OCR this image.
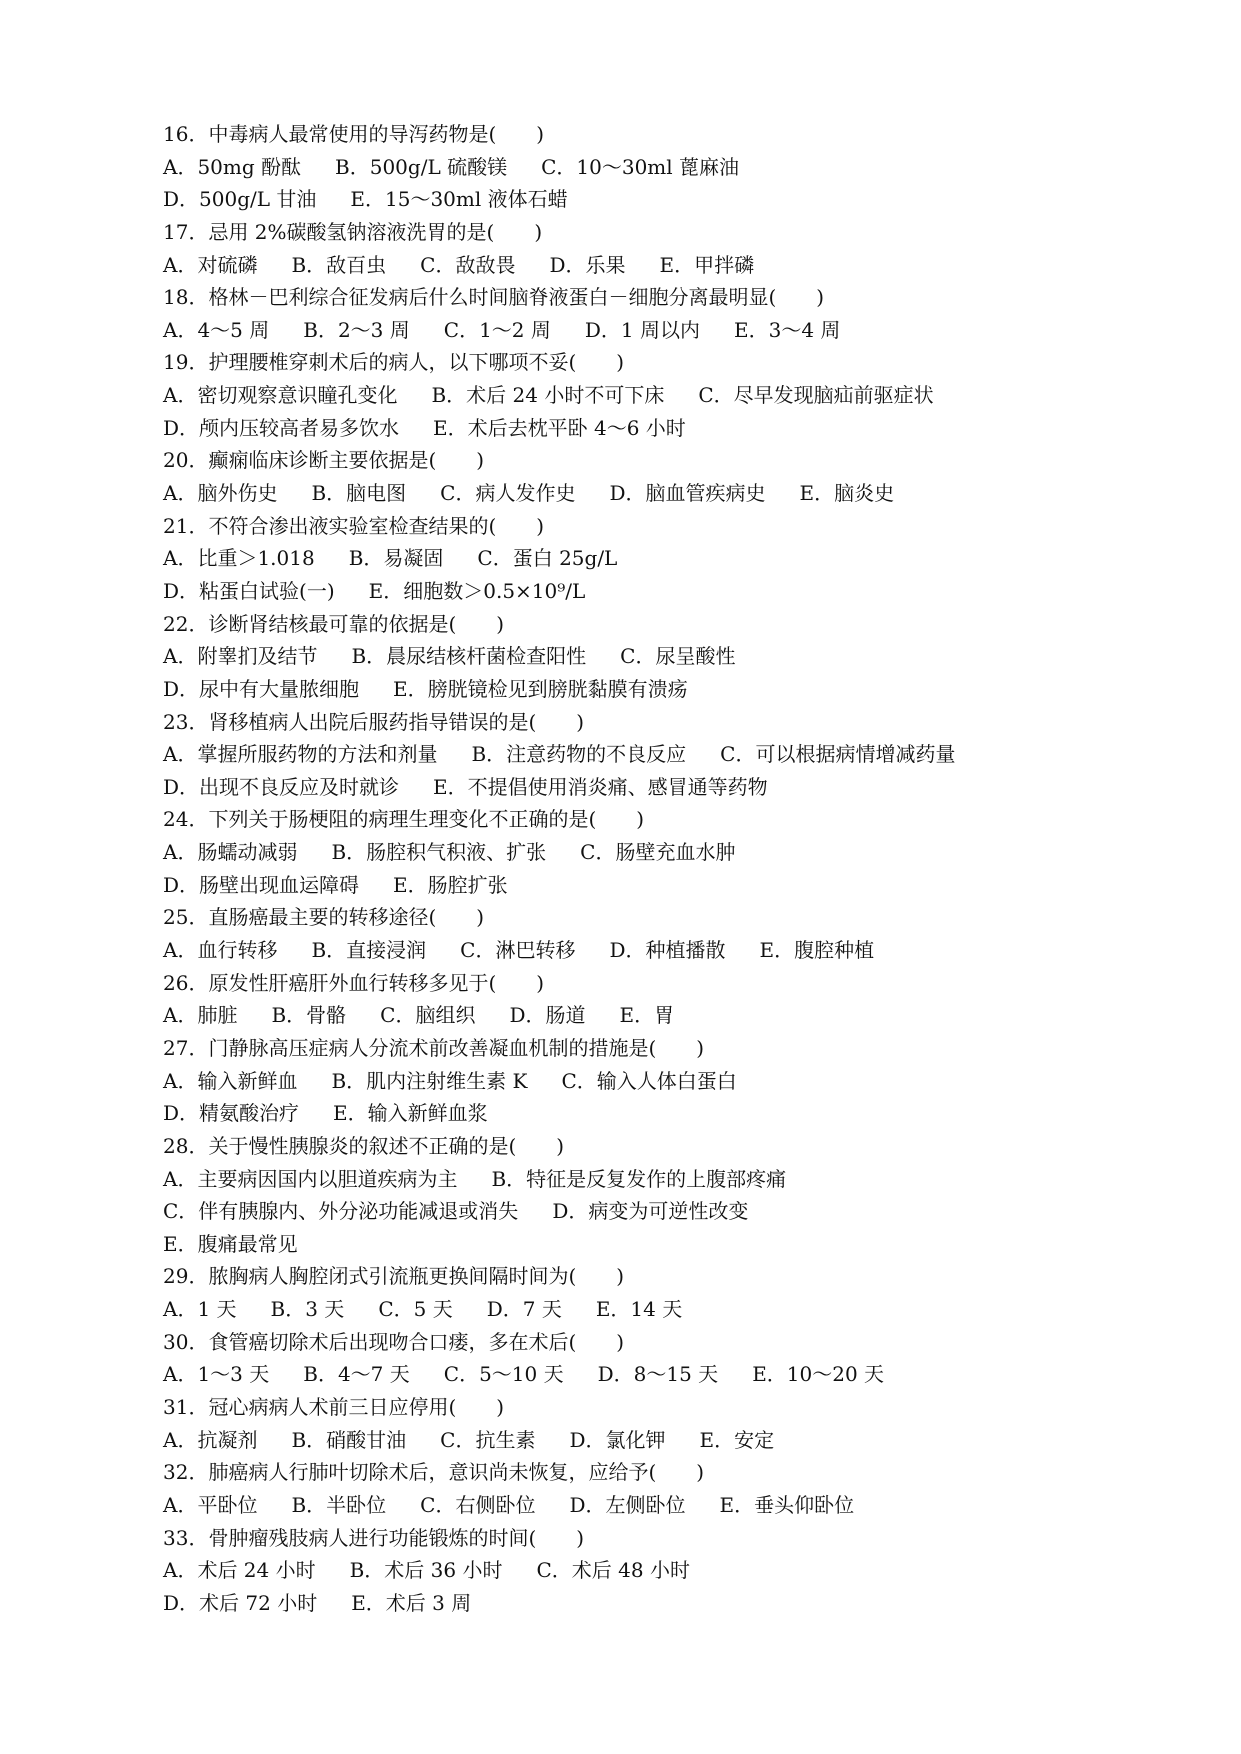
16．中毒病人最常使用的导泻药物是(　　)
A．50mg 酚酞 B．500g/L 硫酸镁 C．10～30ml 蓖麻油
D．500g/L 甘油 E．15～30ml 液体石蜡
17．忌用 2%碳酸氢钠溶液洗胃的是(　　)
A．对硫磷 B．敌百虫 C．敌敌畏 D．乐果 E．甲拌磷
18．格林－巴利综合征发病后什么时间脑脊液蛋白－细胞分离最明显(　　)
A．4～5 周 B．2～3 周 C．1～2 周 D．1 周以内 E．3～4 周
19．护理腰椎穿刺术后的病人，以下哪项不妥(　　)
A．密切观察意识瞳孔变化 B．术后 24 小时不可下床 C．尽早发现脑疝前驱症状
D．颅内压较高者易多饮水 E．术后去枕平卧 4～6 小时
20．癫痫临床诊断主要依据是(　　)
A．脑外伤史 B．脑电图 C．病人发作史 D．脑血管疾病史 E．脑炎史
21．不符合渗出液实验室检查结果的(　　)
A．比重＞1.018 B．易凝固 C．蛋白 25g/L
D．粘蛋白试验(一) E．细胞数＞0.5×10⁹/L
22．诊断肾结核最可靠的依据是(　　)
A．附睾扪及结节 B．晨尿结核杆菌检查阳性 C．尿呈酸性
D．尿中有大量脓细胞 E．膀胱镜检见到膀胱黏膜有溃疡
23．肾移植病人出院后服药指导错误的是(　　)
A．掌握所服药物的方法和剂量 B．注意药物的不良反应 C．可以根据病情增减药量
D．出现不良反应及时就诊 E．不提倡使用消炎痛、感冒通等药物
24．下列关于肠梗阻的病理生理变化不正确的是(　　)
A．肠蠕动减弱 B．肠腔积气积液、扩张 C．肠壁充血水肿
D．肠壁出现血运障碍 E．肠腔扩张
25．直肠癌最主要的转移途径(　　)
A．血行转移 B．直接浸润 C．淋巴转移 D．种植播散 E．腹腔种植
26．原发性肝癌肝外血行转移多见于(　　)
A．肺脏 B．骨骼 C．脑组织 D．肠道 E．胃
27．门静脉高压症病人分流术前改善凝血机制的措施是(　　)
A．输入新鲜血 B．肌内注射维生素 K C．输入人体白蛋白
D．精氨酸治疗 E．输入新鲜血浆
28．关于慢性胰腺炎的叙述不正确的是(　　)
A．主要病因国内以胆道疾病为主 B．特征是反复发作的上腹部疼痛
C．伴有胰腺内、外分泌功能减退或消失 D．病变为可逆性改变
E．腹痛最常见
29．脓胸病人胸腔闭式引流瓶更换间隔时间为(　　)
A．1 天 B．3 天 C．5 天 D．7 天 E．14 天
30．食管癌切除术后出现吻合口瘘，多在术后(　　)
A．1～3 天 B．4～7 天 C．5～10 天 D．8～15 天 E．10～20 天
31．冠心病病人术前三日应停用(　　)
A．抗凝剂 B．硝酸甘油 C．抗生素 D．氯化钾 E．安定
32．肺癌病人行肺叶切除术后，意识尚未恢复，应给予(　　)
A．平卧位 B．半卧位 C．右侧卧位 D．左侧卧位 E．垂头仰卧位
33．骨肿瘤残肢病人进行功能锻炼的时间(　　)
A．术后 24 小时 B．术后 36 小时 C．术后 48 小时
D．术后 72 小时 E．术后 3 周
